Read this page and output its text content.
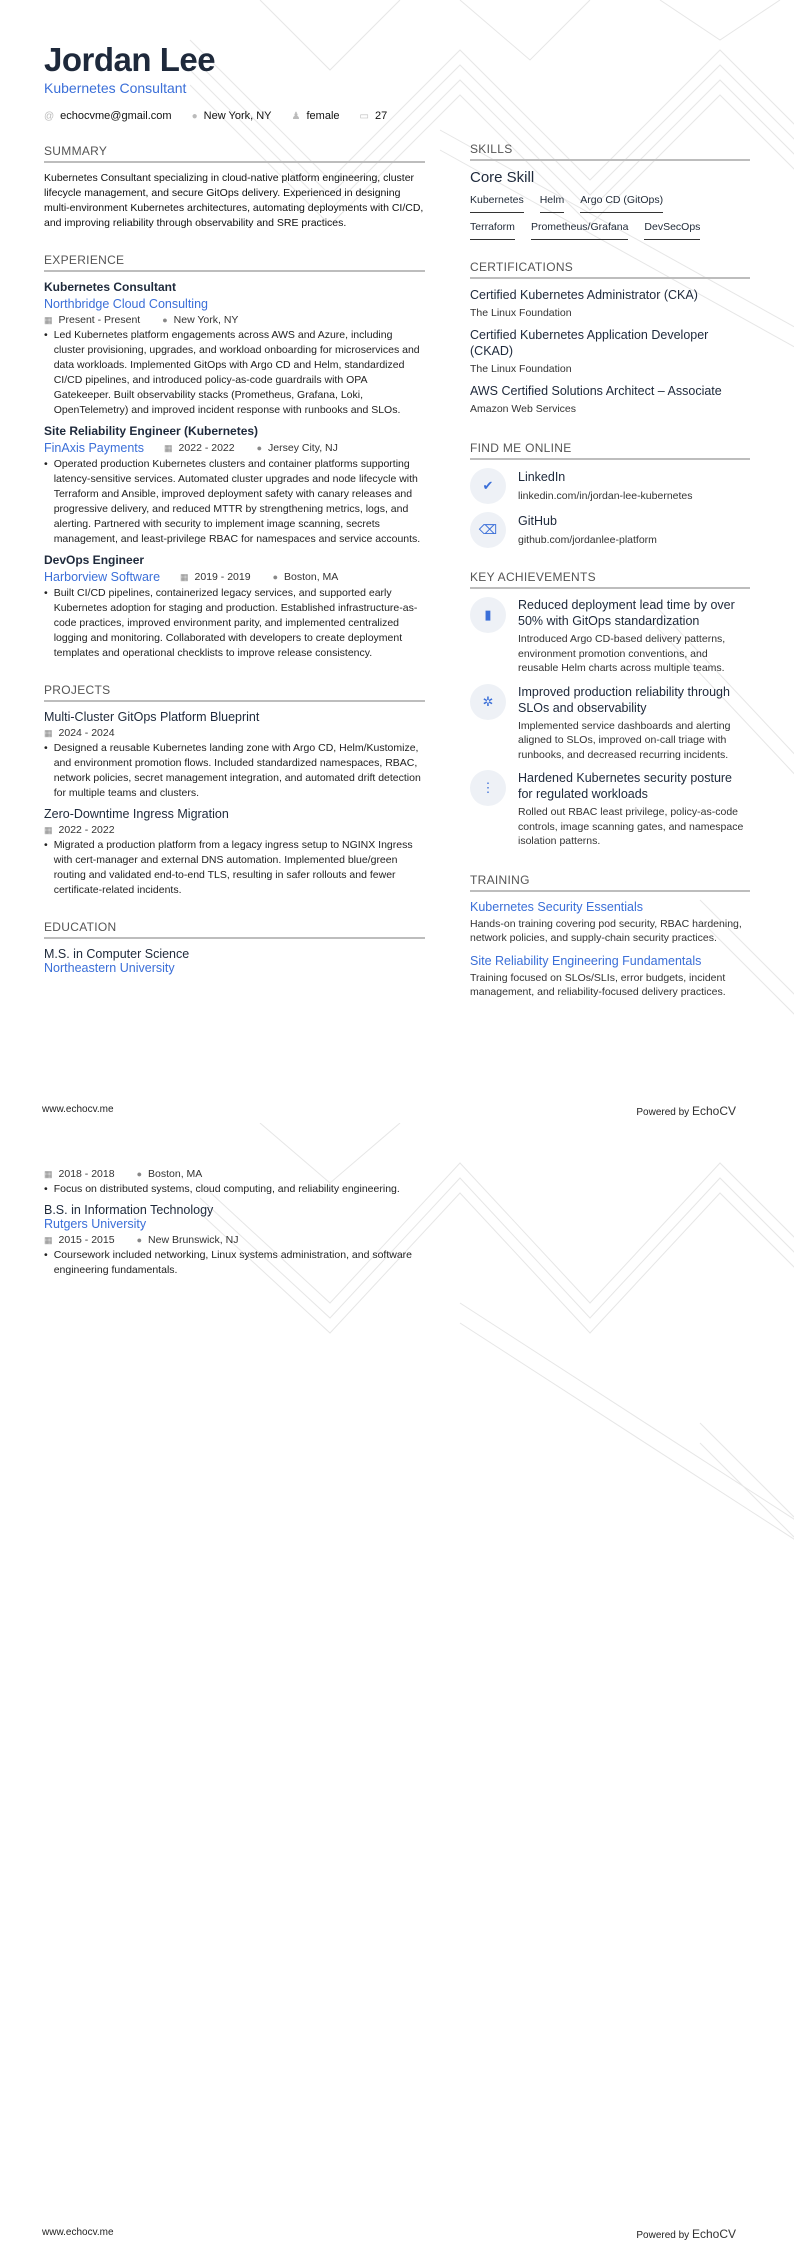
Jordan Lee
Kubernetes Consultant
@ echocvme@gmail.com ● New York, NY ♟ female ▭ 27
SUMMARY
Kubernetes Consultant specializing in cloud-native platform engineering, cluster lifecycle management, and secure GitOps delivery. Experienced in designing multi-environment Kubernetes architectures, automating deployments with CI/CD, and improving reliability through observability and SRE practices.
EXPERIENCE
Kubernetes Consultant
Northbridge Cloud Consulting
▦ Present - Present ● New York, NY
• Led Kubernetes platform engagements across AWS and Azure, including cluster provisioning, upgrades, and workload onboarding for microservices and data workloads. Implemented GitOps with Argo CD and Helm, standardized CI/CD pipelines, and introduced policy-as-code guardrails with OPA Gatekeeper. Built observability stacks (Prometheus, Grafana, Loki, OpenTelemetry) and improved incident response with runbooks and SLOs.
Site Reliability Engineer (Kubernetes)
FinAxis Payments ▦ 2022 - 2022 ● Jersey City, NJ
• Operated production Kubernetes clusters and container platforms supporting latency-sensitive services. Automated cluster upgrades and node lifecycle with Terraform and Ansible, improved deployment safety with canary releases and progressive delivery, and reduced MTTR by strengthening metrics, logs, and alerting. Partnered with security to implement image scanning, secrets management, and least-privilege RBAC for namespaces and service accounts.
DevOps Engineer
Harborview Software ▦ 2019 - 2019 ● Boston, MA
• Built CI/CD pipelines, containerized legacy services, and supported early Kubernetes adoption for staging and production. Established infrastructure-as-code practices, improved environment parity, and implemented centralized logging and monitoring. Collaborated with developers to create deployment templates and operational checklists to improve release consistency.
PROJECTS
Multi-Cluster GitOps Platform Blueprint
▦ 2024 - 2024
• Designed a reusable Kubernetes landing zone with Argo CD, Helm/Kustomize, and environment promotion flows. Included standardized namespaces, RBAC, network policies, secret management integration, and automated drift detection for multiple teams and clusters.
Zero-Downtime Ingress Migration
▦ 2022 - 2022
• Migrated a production platform from a legacy ingress setup to NGINX Ingress with cert-manager and external DNS automation. Implemented blue/green routing and validated end-to-end TLS, resulting in safer rollouts and fewer certificate-related incidents.
EDUCATION
M.S. in Computer Science
Northeastern University
SKILLS
Core Skill
Kubernetes Helm Argo CD (GitOps)
Terraform Prometheus/Grafana DevSecOps
CERTIFICATIONS
Certified Kubernetes Administrator (CKA)
The Linux Foundation
Certified Kubernetes Application Developer (CKAD)
The Linux Foundation
AWS Certified Solutions Architect – Associate
Amazon Web Services
FIND ME ONLINE
✔
LinkedIn
linkedin.com/in/jordan-lee-kubernetes
⌫
GitHub
github.com/jordanlee-platform
KEY ACHIEVEMENTS
▮
Reduced deployment lead time by over 50% with GitOps standardization
Introduced Argo CD-based delivery patterns, environment promotion conventions, and reusable Helm charts across multiple teams.
✲
Improved production reliability through SLOs and observability
Implemented service dashboards and alerting aligned to SLOs, improved on-call triage with runbooks, and decreased recurring incidents.
⋮
Hardened Kubernetes security posture for regulated workloads
Rolled out RBAC least privilege, policy-as-code controls, image scanning gates, and namespace isolation patterns.
TRAINING
Kubernetes Security Essentials
Hands-on training covering pod security, RBAC hardening, network policies, and supply-chain security practices.
Site Reliability Engineering Fundamentals
Training focused on SLOs/SLIs, error budgets, incident management, and reliability-focused delivery practices.
www.echocv.me	Powered by EchoCV
▦ 2018 - 2018 ● Boston, MA
• Focus on distributed systems, cloud computing, and reliability engineering.
B.S. in Information Technology
Rutgers University
▦ 2015 - 2015 ● New Brunswick, NJ
• Coursework included networking, Linux systems administration, and software engineering fundamentals.
www.echocv.me	Powered by EchoCV
